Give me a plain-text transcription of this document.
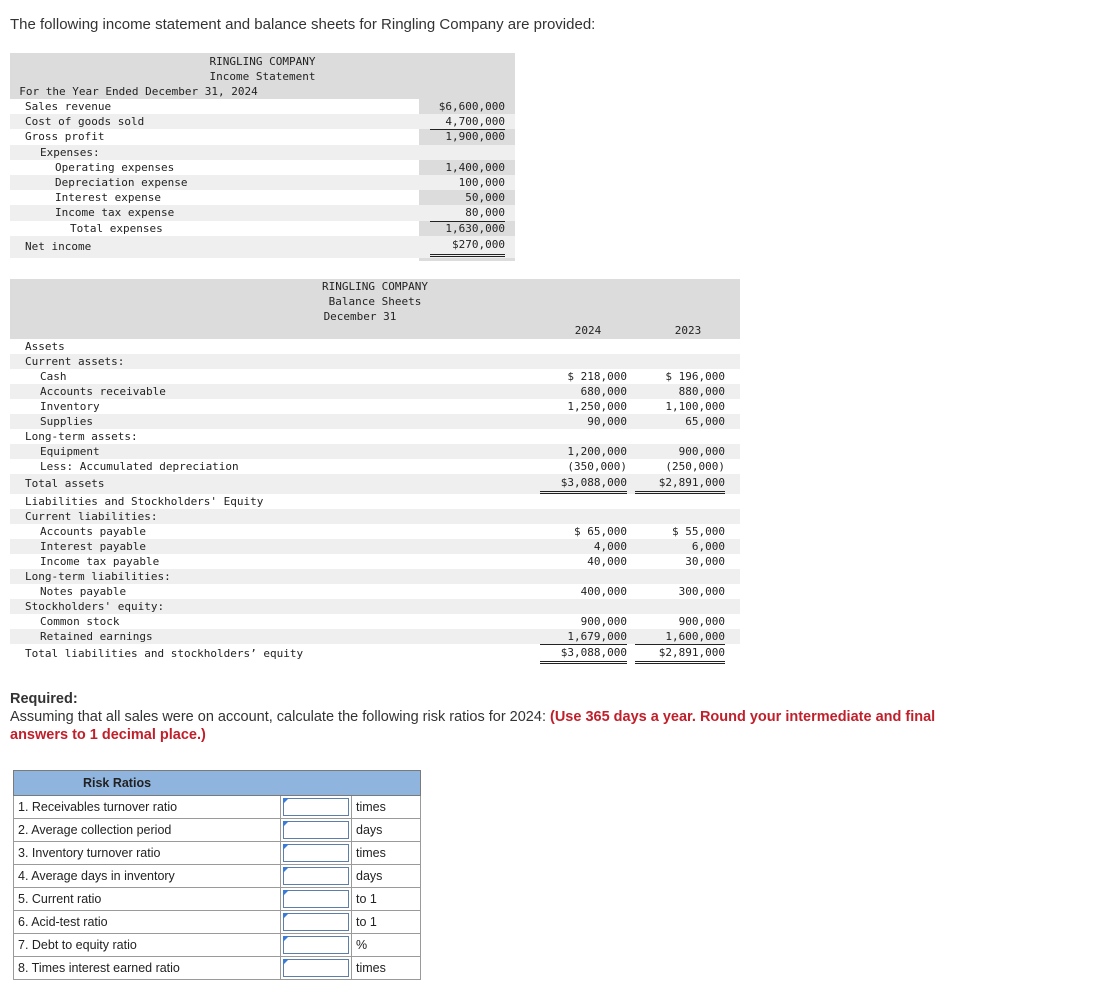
The following income statement and balance sheets for Ringling Company are provided:
RINGLING COMPANY
Income Statement
For the Year Ended December 31, 2024
Sales revenue	$6,600,000
Cost of goods sold	4,700,000
Gross profit	1,900,000
Expenses:
Operating expenses	1,400,000
Depreciation expense	100,000
Interest expense	50,000
Income tax expense	80,000
Total expenses	1,630,000
Net income	$270,000
RINGLING COMPANY
Balance Sheets
December 31
2024	2023
Assets
Current assets:
Cash	$ 218,000	$ 196,000
Accounts receivable	680,000	880,000
Inventory	1,250,000	1,100,000
Supplies	90,000	65,000
Long-term assets:
Equipment	1,200,000	900,000
Less: Accumulated depreciation	(350,000)	(250,000)
Total assets	$3,088,000	$2,891,000
Liabilities and Stockholders' Equity
Current liabilities:
Accounts payable	$ 65,000	$ 55,000
Interest payable	4,000	6,000
Income tax payable	40,000	30,000
Long-term liabilities:
Notes payable	400,000	300,000
Stockholders' equity:
Common stock	900,000	900,000
Retained earnings	1,679,000	1,600,000
Total liabilities and stockholders’ equity	$3,088,000	$2,891,000
Required:
Assuming that all sales were on account, calculate the following risk ratios for 2024: (Use 365 days a year. Round your intermediate and final answers to 1 decimal place.)
Risk Ratios		
1. Receivables turnover ratio		times
2. Average collection period		days
3. Inventory turnover ratio		times
4. Average days in inventory		days
5. Current ratio		to 1
6. Acid-test ratio		to 1
7. Debt to equity ratio		%
8. Times interest earned ratio		times
